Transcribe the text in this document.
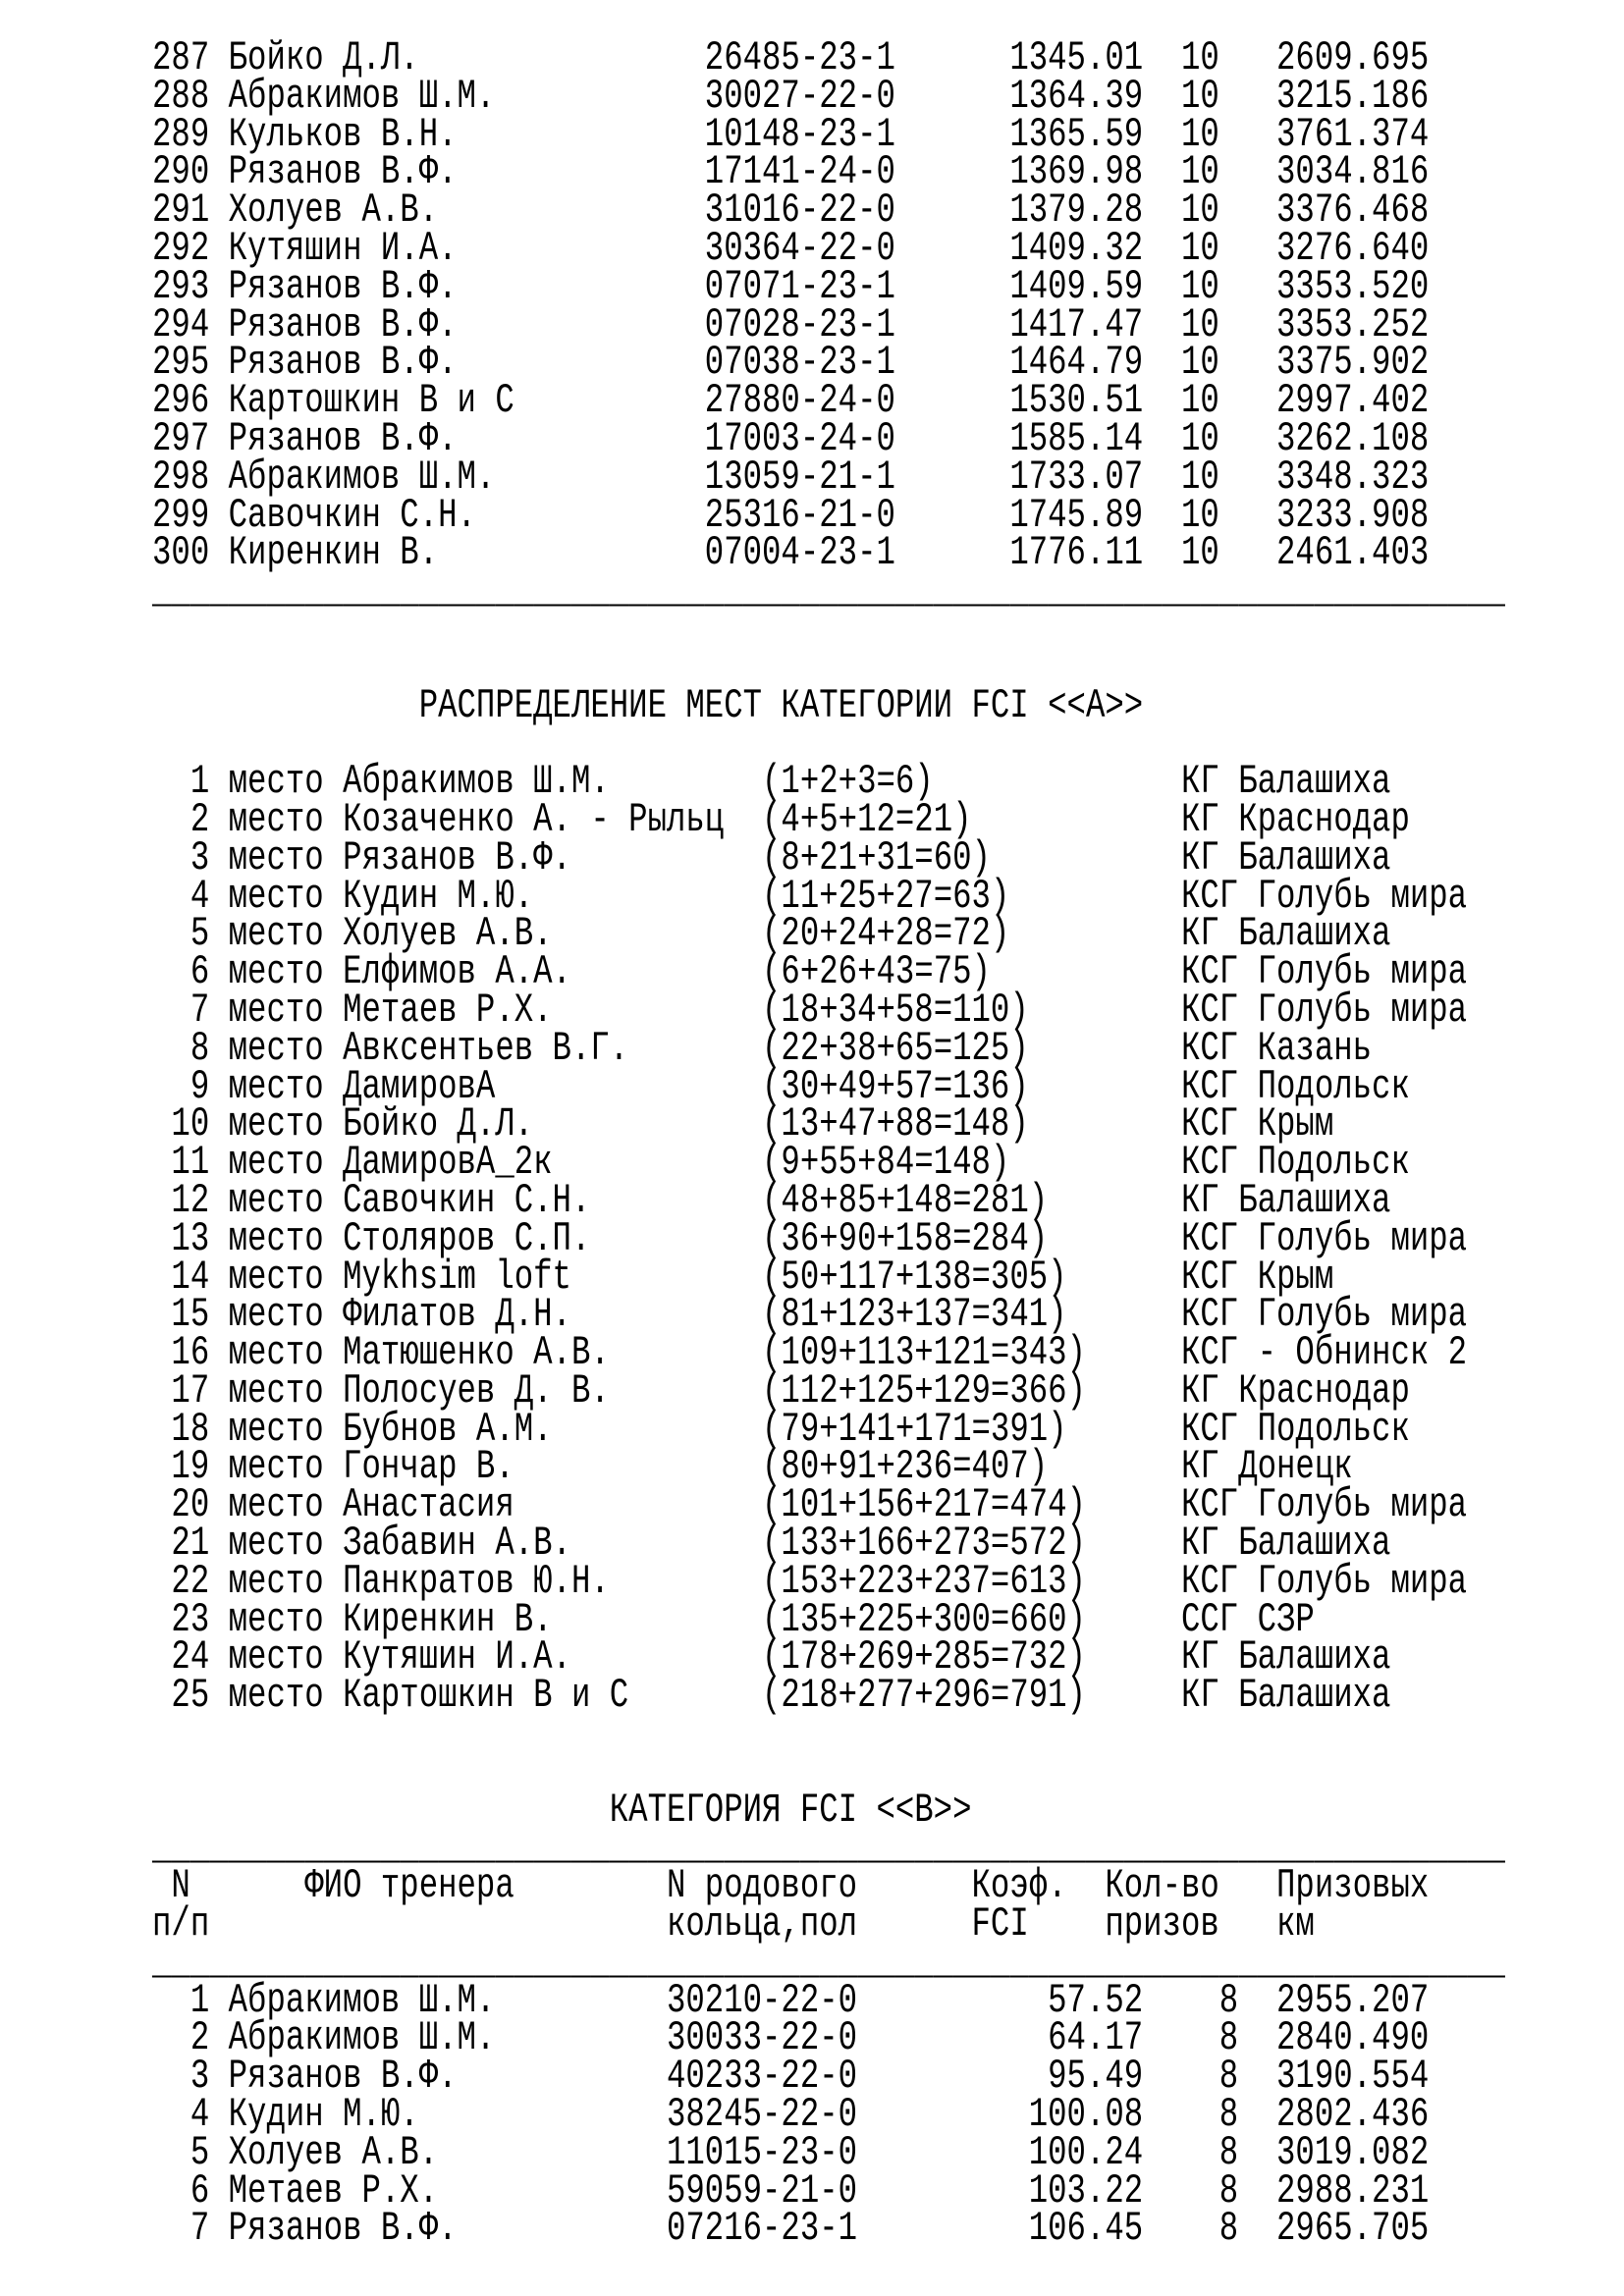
287 Бойко Д.Л.               26485-23-1      1345.01  10   2609.695
288 Абракимов Ш.М.           30027-22-0      1364.39  10   3215.186
289 Кульков В.Н.             10148-23-1      1365.59  10   3761.374
290 Рязанов В.Ф.             17141-24-0      1369.98  10   3034.816
291 Холуев А.В.              31016-22-0      1379.28  10   3376.468
292 Кутяшин И.А.             30364-22-0      1409.32  10   3276.640
293 Рязанов В.Ф.             07071-23-1      1409.59  10   3353.520
294 Рязанов В.Ф.             07028-23-1      1417.47  10   3353.252
295 Рязанов В.Ф.             07038-23-1      1464.79  10   3375.902
296 Картошкин В и С          27880-24-0      1530.51  10   2997.402
297 Рязанов В.Ф.             17003-24-0      1585.14  10   3262.108
298 Абракимов Ш.М.           13059-21-1      1733.07  10   3348.323
299 Савочкин С.Н.            25316-21-0      1745.89  10   3233.908
300 Киренкин В.              07004-23-1      1776.11  10   2461.403
_______________________________________________________________________
РАСПРЕДЕЛЕНИЕ МЕСТ КАТЕГОРИИ FCI <<A>>
1 место Абракимов Ш.М.        (1+2+3=6)             КГ Балашиха
2 место Козаченко А. - Рыльц  (4+5+12=21)           КГ Краснодар
3 место Рязанов В.Ф.          (8+21+31=60)          КГ Балашиха
4 место Кудин М.Ю.            (11+25+27=63)         КСГ Голубь мира
5 место Холуев А.В.           (20+24+28=72)         КГ Балашиха
6 место Елфимов А.А.          (6+26+43=75)          КСГ Голубь мира
7 место Метаев Р.Х.           (18+34+58=110)        КСГ Голубь мира
8 место Авксентьев В.Г.       (22+38+65=125)        КСГ Казань
9 место ДамировА              (30+49+57=136)        КСГ Подольск
10 место Бойко Д.Л.            (13+47+88=148)        КСГ Крым
11 место ДамировА_2к           (9+55+84=148)         КСГ Подольск
12 место Савочкин С.Н.         (48+85+148=281)       КГ Балашиха
13 место Столяров С.П.         (36+90+158=284)       КСГ Голубь мира
14 место Mykhsim loft          (50+117+138=305)      КСГ Крым
15 место Филатов Д.Н.          (81+123+137=341)      КСГ Голубь мира
16 место Матюшенко А.В.        (109+113+121=343)     КСГ - Обнинск 2
17 место Полосуев Д. В.        (112+125+129=366)     КГ Краснодар
18 место Бубнов А.М.           (79+141+171=391)      КСГ Подольск
19 место Гончар В.             (80+91+236=407)       КГ Донецк
20 место Анастасия             (101+156+217=474)     КСГ Голубь мира
21 место Забавин А.В.          (133+166+273=572)     КГ Балашиха
22 место Панкратов Ю.Н.        (153+223+237=613)     КСГ Голубь мира
23 место Киренкин В.           (135+225+300=660)     ССГ СЗР
24 место Кутяшин И.А.          (178+269+285=732)     КГ Балашиха
25 место Картошкин В и С       (218+277+296=791)     КГ Балашиха
КАТЕГОРИЯ FCI <<B>>
_______________________________________________________________________
N      ФИО тренера        N родового      Коэф.  Кол-во   Призовых
п/п                        кольца,пол      FCI    призов   км
_______________________________________________________________________
1 Абракимов Ш.М.         30210-22-0          57.52    8  2955.207
2 Абракимов Ш.М.         30033-22-0          64.17    8  2840.490
3 Рязанов В.Ф.           40233-22-0          95.49    8  3190.554
4 Кудин М.Ю.             38245-22-0         100.08    8  2802.436
5 Холуев А.В.            11015-23-0         100.24    8  3019.082
6 Метаев Р.Х.            59059-21-0         103.22    8  2988.231
7 Рязанов В.Ф.           07216-23-1         106.45    8  2965.705
